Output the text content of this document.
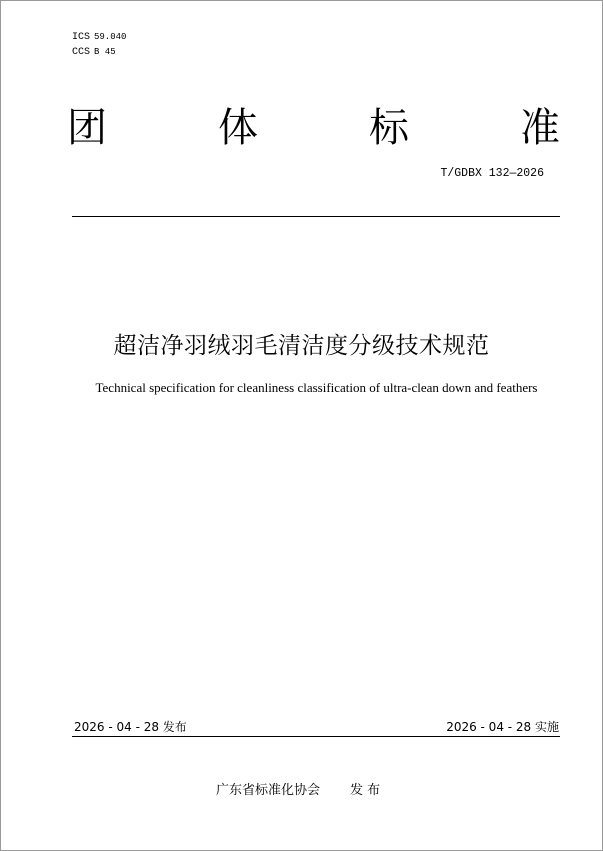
ICS 59.040
CCS B 45
团	体	标	准
T/GDBX 132—2026
超洁净羽绒羽毛清洁度分级技术规范
Technical specification for cleanliness classification of ultra-clean down and feathers
2026 - 04 - 28 发布	2026 - 04 - 28 实施
广东省标准化协会 发 布
